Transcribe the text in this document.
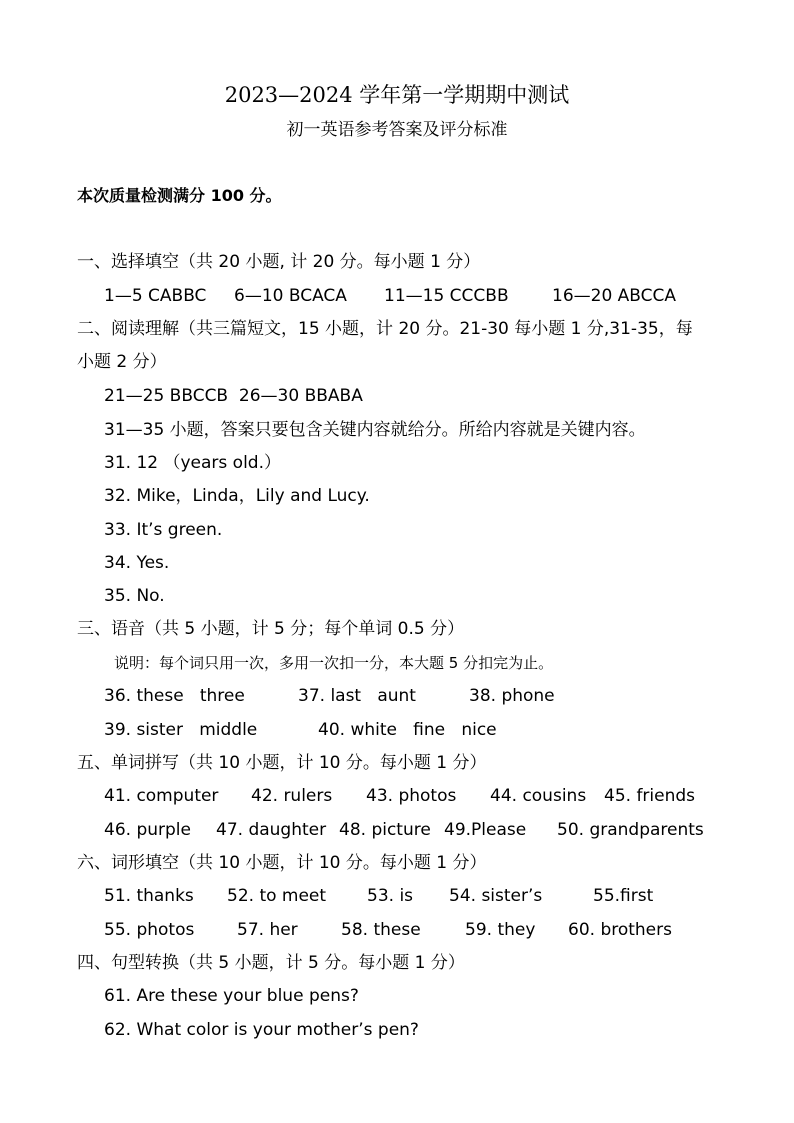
2023—2024 学年第一学期期中测试
初一英语参考答案及评分标准
本次质量检测满分 100 分。
一、选择填空（共 20 小题, 计 20 分。每小题 1 分）
1—5 CABBC 6—10 BCACA 11—15 CCCBB	16—20 ABCCA
二、阅读理解（共三篇短文，15 小题，计 20 分。21-30 每小题 1 分,31-35，每
小题 2 分）
21—25 BBCCB  26—30 BBABA
31—35 小题，答案只要包含关键内容就给分。所给内容就是关键内容。
31. 12 （years old.）
32. Mike，Linda，Lily and Lucy.
33. It’s green.
34. Yes.
35. No.
三、语音（共 5 小题，计 5 分；每个单词 0.5 分）
说明：每个词只用一次，多用一次扣一分，本大题 5 分扣完为止。
36. these   three	37. last   aunt	38. phone
39. sister   middle	40. white   fine   nice
五、单词拼写（共 10 小题，计 10 分。每小题 1 分）
41. computer 42. rulers 43. photos 44. cousins 45. friends
46. purple 47. daughter 48. picture 49.Please 50. grandparents
六、词形填空（共 10 小题，计 10 分。每小题 1 分）
51. thanks 52. to meet 53. is 54. sister’s	55.first
55. photos	57. her	58. these	59. they 60. brothers
四、句型转换（共 5 小题，计 5 分。每小题 1 分）
61. Are these your blue pens?
62. What color is your mother’s pen?
